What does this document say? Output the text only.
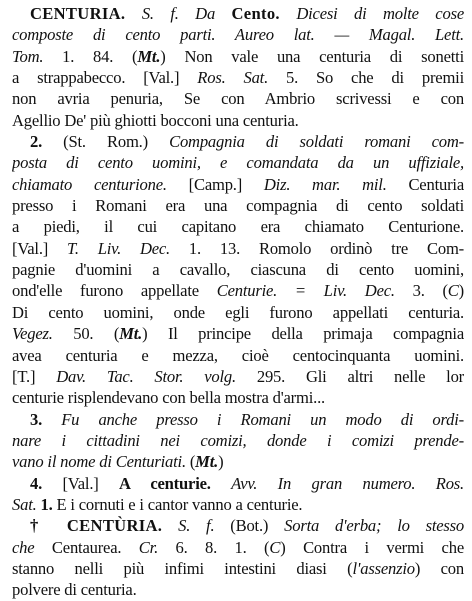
CENTURIA. S. f. Da Cento. Dicesi di molte cose
composte di cento parti. Aureo lat. — Magal. Lett.
Tom. 1. 84. (Mt.) Non vale una centuria di sonetti
a strappabecco. [Val.] Ros. Sat. 5. So che di premii
non avria penuria, Se con Ambrio scrivessi e con
Agellio De' più ghiotti bocconi una centuria.
2. (St. Rom.) Compagnia di soldati romani com-
posta di cento uomini, e comandata da un uffiziale,
chiamato centurione. [Camp.] Diz. mar. mil. Centuria
presso i Romani era una compagnia di cento soldati
a piedi, il cui capitano era chiamato Centurione.
[Val.] T. Liv. Dec. 1. 13. Romolo ordinò tre Com-
pagnie d'uomini a cavallo, ciascuna di cento uomini,
ond'elle furono appellate Centurie. = Liv. Dec. 3. (C)
Di cento uomini, onde egli furono appellati centuria.
Vegez. 50. (Mt.) Il principe della primaja compagnia
avea centuria e mezza, cioè centocinquanta uomini.
[T.] Dav. Tac. Stor. volg. 295. Gli altri nelle lor
centurie risplendevano con bella mostra d'armi...
3. Fu anche presso i Romani un modo di ordi-
nare i cittadini nei comizi, donde i comizi prende-
vano il nome di Centuriati. (Mt.)
4. [Val.] A centurie. Avv. In gran numero. Ros.
Sat. 1. E i cornuti e i cantor vanno a centurie.
† CENTÙRIA. S. f. (Bot.) Sorta d'erba; lo stesso
che Centaurea. Cr. 6. 8. 1. (C) Contra i vermi che
stanno nelli più infimi intestini diasi (l'assenzio) con
polvere di centuria.
